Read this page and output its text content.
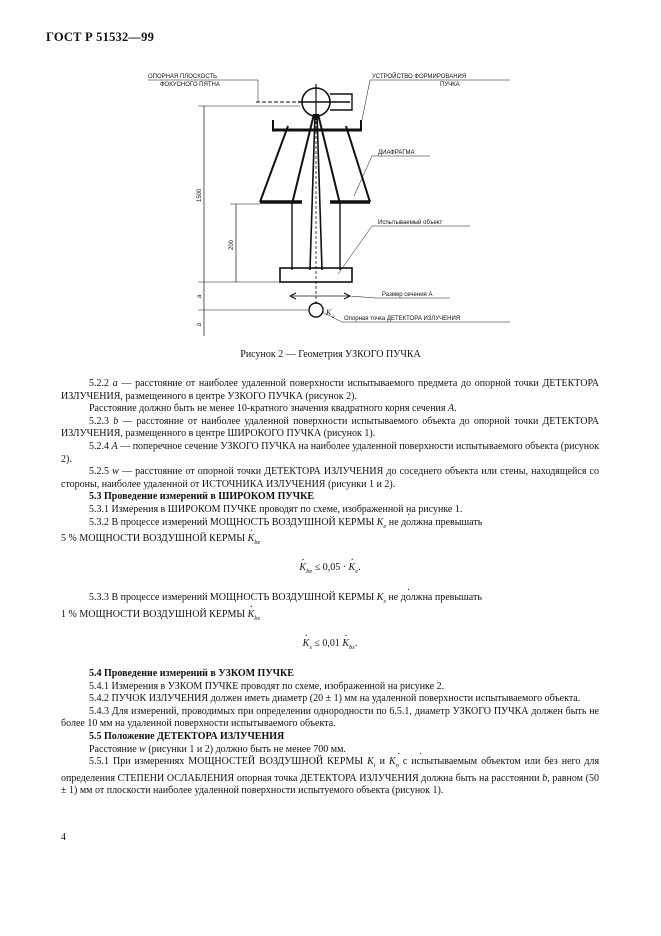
ГОСТ Р 51532—99
ОПОРНАЯ ПЛОСКОСТЬ
ФОКУСНОГО ПЯТНА
УСТРОЙСТВО ФОРМИРОВАНИЯ
ПУЧКА
ДИАФРАГМА
Испытываемый объект
Размер сечения А
Опорная точка ДЕТЕКТОРА ИЗЛУЧЕНИЯ
1500
200
a
b
K
a
Рисунок 2 — Геометрия УЗКОГО ПУЧКА

5.2.2 a — расстояние от наиболее удаленной поверхности испытываемого предмета до опорной точки ДЕТЕКТОРА ИЗЛУЧЕНИЯ, размещенного в центре УЗКОГО ПУЧКА (рисунок 2).

Расстояние должно быть не менее 10-кратного значения квадратного корня сечения A.

5.2.3 b — расстояние от наиболее удаленной поверхности испытываемого объекта до опорной точки ДЕТЕКТОРА ИЗЛУЧЕНИЯ, размещенного в центре ШИРОКОГО ПУЧКА (рисунок 1).

5.2.4 A — поперечное сечение УЗКОГО ПУЧКА на наиболее удаленной поверхности испытываемого объекта (рисунок 2).

5.2.5 w — расстояние от опорной точки ДЕТЕКТОРА ИЗЛУЧЕНИЯ до соседнего объекта или стены, находящейся со стороны, наиболее удаленной от ИСТОЧНИКА ИЗЛУЧЕНИЯ (рисунки 1 и 2).

5.3 Проведение измерений в ШИРОКОМ ПУЧКЕ

5.3.1 Измерения в ШИРОКОМ ПУЧКЕ проводят по схеме, изображенной на рисунке 1.

5.3.2 В процессе измерений МОЩНОСТЬ ВОЗДУШНОЙ КЕРМЫ · $K_e$ не должна превышать

5 % МОЩНОСТИ ВОЗДУШНОЙ КЕРМЫ · $K_{be}$

· $K_{be} \le 0,05$ · · $K_e$.

5.3.3 В процессе измерений МОЩНОСТЬ ВОЗДУШНОЙ КЕРМЫ · $K_s$ не должна превышать

1 % МОЩНОСТИ ВОЗДУШНОЙ КЕРМЫ · $K_{bs}$

· $K_s \le 0,01 \cdot K_{bs}$.

5.4 Проведение измерений в УЗКОМ ПУЧКЕ

5.4.1 Измерения в УЗКОМ ПУЧКЕ проводят по схеме, изображенной на рисунке 2.

5.4.2 ПУЧОК ИЗЛУЧЕНИЯ должен иметь диаметр (20 ± 1) мм на удаленной поверхности испытываемого объекта.

5.4.3 Для измерений, проводимых при определении однородности по 6.5.1, диаметр УЗКОГО ПУЧКА должен быть не более 10 мм на удаленной поверхности испытываемого объекта.

5.5 Положение ДЕТЕКТОРА ИЗЛУЧЕНИЯ

Расстояние w (рисунки 1 и 2) должно быть не менее 700 мм.

5.5.1 При измерениях МОЩНОСТЕЙ ВОЗДУШНОЙ КЕРМЫ · $K_i$ $и \cdot K_o$ с испытываемым объектом или без него для определения СТЕПЕНИ ОСЛАБЛЕНИЯ опорная точка ДЕТЕКТОРА ИЗЛУЧЕНИЯ должна быть на расстоянии b, равном (50 ± 1) мм от плоскости наиболее удаленной поверхности испытуемого объекта (рисунок 1).

4
